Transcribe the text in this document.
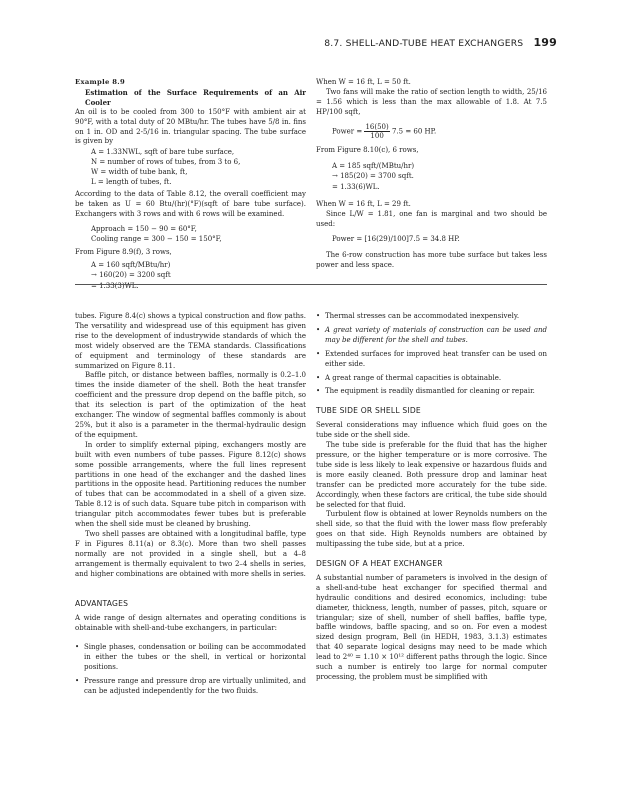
8.7. SHELL-AND-TUBE HEAT EXCHANGERS 199
Example 8.9
Estimation of the Surface Requirements of an Air Cooler

An oil is to be cooled from 300 to 150°F with ambient air at 90°F, with a total duty of 20 MBtu/hr. The tubes have 5/8 in. fins on 1 in. OD and 2-5/16 in. triangular spacing. The tube surface is given by

A = 1.33NWL, sqft of bare tube surface,
N = number of rows of tubes, from 3 to 6,
W = width of tube bank, ft,
L = length of tubes, ft.

According to the data of Table 8.12, the overall coefficient may be taken as U = 60 Btu/(hr)(°F)(sqft of bare tube surface). Exchangers with 3 rows and with 6 rows will be examined.

Approach = 150 − 90 = 60°F,
Cooling range = 300 − 150 = 150°F,

From Figure 8.9(f), 3 rows,

A = 160 sqft/MBtu/hr)
→ 160(20) = 3200 sqft
= 1.33(3)WL.

When W = 16 ft, L = 50 ft.

Two fans will make the ratio of section length to width, 25/16 = 1.56 which is less than the max allowable of 1.8. At 7.5 HP/100 sqft,

Power = $\frac{16(50)}{100} 7.5 = 60$ HP.

From Figure 8.10(c), 6 rows,

A = 185 sqft/(MBtu/hr)
→ 185(20) = 3700 sqft.
= 1.33(6)WL.

When W = 16 ft, L = 29 ft.

Since L/W = 1.81, one fan is marginal and two should be used:

Power = [16(29)/100]7.5 = 34.8 HP.

The 6-row construction has more tube surface but takes less power and less space.

tubes. Figure 8.4(c) shows a typical construction and flow paths. The versatility and widespread use of this equipment has given rise to the development of industrywide standards of which the most widely observed are the TEMA standards. Classifications of equipment and terminology of these standards are summarized on Figure 8.11.

Baffle pitch, or distance between baffles, normally is 0.2–1.0 times the inside diameter of the shell. Both the heat transfer coefficient and the pressure drop depend on the baffle pitch, so that its selection is part of the optimization of the heat exchanger. The window of segmental baffles commonly is about 25%, but it also is a parameter in the thermal-hydraulic design of the equipment.

In order to simplify external piping, exchangers mostly are built with even numbers of tube passes. Figure 8.12(c) shows some possible arrangements, where the full lines represent partitions in one head of the exchanger and the dashed lines partitions in the opposite head. Partitioning reduces the number of tubes that can be accommodated in a shell of a given size. Table 8.12 is of such data. Square tube pitch in comparison with triangular pitch accommodates fewer tubes but is preferable when the shell side must be cleaned by brushing.

Two shell passes are obtained with a longitudinal baffle, type F in Figures 8.11(a) or 8.3(c). More than two shell passes normally are not provided in a single shell, but a 4–8 arrangement is thermally equivalent to two 2–4 shells in series, and higher combinations are obtained with more shells in series.

ADVANTAGES

A wide range of design alternates and operating conditions is obtainable with shell-and-tube exchangers, in particular:

• Single phases, condensation or boiling can be accommodated in either the tubes or the shell, in vertical or horizontal positions.
• Pressure range and pressure drop are virtually unlimited, and can be adjusted independently for the two fluids.
• Thermal stresses can be accommodated inexpensively.
• A great variety of materials of construction can be used and may be different for the shell and tubes.
• Extended surfaces for improved heat transfer can be used on either side.
• A great range of thermal capacities is obtainable.
• The equipment is readily dismantled for cleaning or repair.
TUBE SIDE OR SHELL SIDE

Several considerations may influence which fluid goes on the tube side or the shell side.

The tube side is preferable for the fluid that has the higher pressure, or the higher temperature or is more corrosive. The tube side is less likely to leak expensive or hazardous fluids and is more easily cleaned. Both pressure drop and laminar heat transfer can be predicted more accurately for the tube side. Accordingly, when these factors are critical, the tube side should be selected for that fluid.

Turbulent flow is obtained at lower Reynolds numbers on the shell side, so that the fluid with the lower mass flow preferably goes on that side. High Reynolds numbers are obtained by multipassing the tube side, but at a price.

DESIGN OF A HEAT EXCHANGER

A substantial number of parameters is involved in the design of a shell-and-tube heat exchanger for specified thermal and hydraulic conditions and desired economics, including: tube diameter, thickness, length, number of passes, pitch, square or triangular; size of shell, number of shell baffles, baffle type, baffle windows, baffle spacing, and so on. For even a modest sized design program, Bell (in HEDH, 1983, 3.1.3) estimates that 40 separate logical designs may need to be made which lead to 2⁴⁰ = 1.10 × 10¹² different paths through the logic. Since such a number is entirely too large for normal computer processing, the problem must be simplified with
